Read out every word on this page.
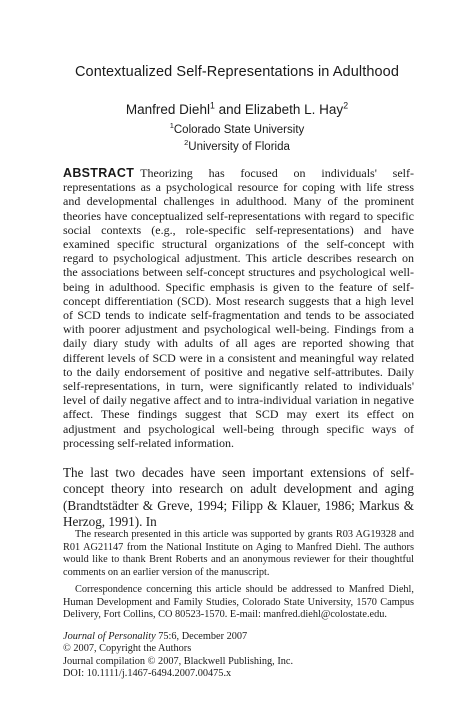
Contextualized Self-Representations in Adulthood
Manfred Diehl$^1$ and Elizabeth L. Hay$^2$
$^1$Colorado State University
$^2$University of Florida

ABSTRACT Theorizing has focused on individuals' self-representations as a psychological resource for coping with life stress and developmental challenges in adulthood. Many of the prominent theories have conceptualized self-representations with regard to specific social contexts (e.g., role-specific self-representations) and have examined specific structural organizations of the self-concept with regard to psychological adjustment. This article describes research on the associations between self-concept structures and psychological well-being in adulthood. Specific emphasis is given to the feature of self-concept differentiation (SCD). Most research suggests that a high level of SCD tends to indicate self-fragmentation and tends to be associated with poorer adjustment and psychological well-being. Findings from a daily diary study with adults of all ages are reported showing that different levels of SCD were in a consistent and meaningful way related to the daily endorsement of positive and negative self-attributes. Daily self-representations, in turn, were significantly related to individuals' level of daily negative affect and to intra-individual variation in negative affect. These findings suggest that SCD may exert its effect on adjustment and psychological well-being through specific ways of processing self-related information.

The last two decades have seen important extensions of self-concept theory into research on adult development and aging (Brandtstädter & Greve, 1994; Filipp & Klauer, 1986; Markus & Herzog, 1991). In

The research presented in this article was supported by grants R03 AG19328 and R01 AG21147 from the National Institute on Aging to Manfred Diehl. The authors would like to thank Brent Roberts and an anonymous reviewer for their thoughtful comments on an earlier version of the manuscript.

Correspondence concerning this article should be addressed to Manfred Diehl, Human Development and Family Studies, Colorado State University, 1570 Campus Delivery, Fort Collins, CO 80523-1570. E-mail: manfred.diehl@colostate.edu.

Journal of Personality 75:6, December 2007
© 2007, Copyright the Authors
Journal compilation © 2007, Blackwell Publishing, Inc.
DOI: 10.1111/j.1467-6494.2007.00475.x
